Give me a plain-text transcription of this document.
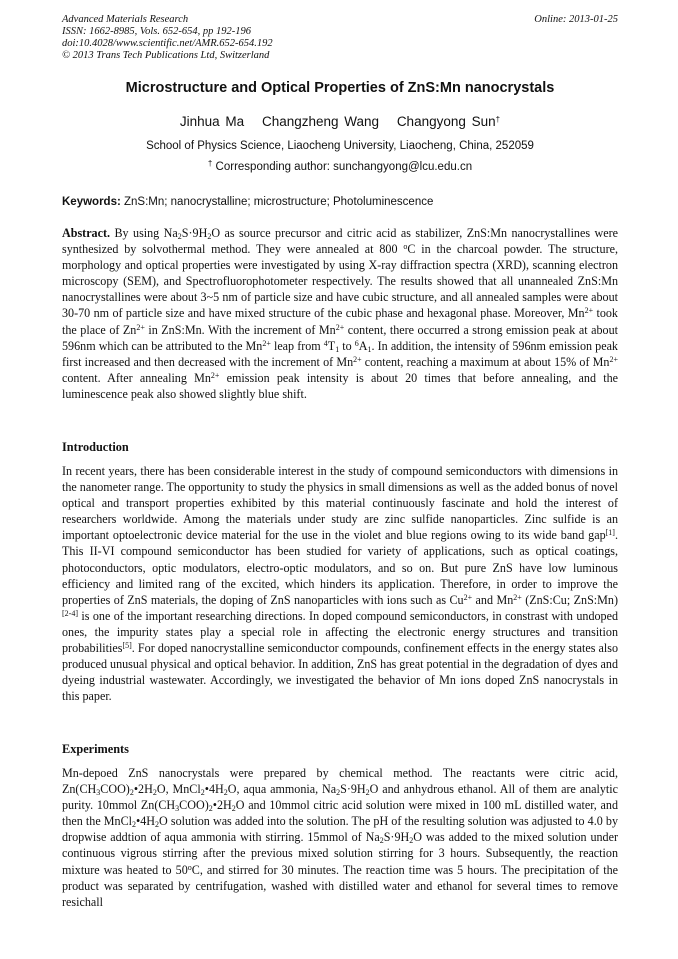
Advanced Materials Research
ISSN: 1662-8985, Vols. 652-654, pp 192-196
doi:10.4028/www.scientific.net/AMR.652-654.192
© 2013 Trans Tech Publications Ltd, Switzerland
Online: 2013-01-25
Microstructure and Optical Properties of ZnS:Mn nanocrystals
Jinhua Ma Changzheng Wang Changyong Sun†
School of Physics Science, Liaocheng University, Liaocheng, China, 252059
† Corresponding author: sunchangyong@lcu.edu.cn
Keywords: ZnS:Mn; nanocrystalline; microstructure; Photoluminescence
Abstract. By using $Na_2S\cdot 9H_2O$ as source precursor and citric acid as stabilizer, ZnS:Mn nanocrystallines were synthesized by solvothermal method. They were annealed at 800 $^o$C in the charcoal powder. The structure, morphology and optical properties were investigated by using X-ray diffraction spectra (XRD), scanning electron microscopy (SEM), and Spectrofluorophotometer respectively. The results showed that all unannealed ZnS:Mn nanocrystallines were about 3~5 nm of particle size and have cubic structure, and all annealed samples were about 30-70 nm of particle size and have mixed structure of the cubic phase and hexagonal phase. Moreover, $Mn^{2+}$ took the place of $Zn^{2+}$ in ZnS:Mn. With the increment of $Mn^{2+}$ content, there occurred a strong emission peak at about 596nm which can be attributed to the $Mn^{2+}$ leap from $^4T_1$ to $^6A_1$. In addition, the intensity of 596nm emission peak first increased and then decreased with the increment of $Mn^{2+}$ content, reaching a maximum at about 15% of $Mn^{2+}$ content. After annealing $Mn^{2+}$ emission peak intensity is about 20 times that before annealing, and the luminescence peak also showed slightly blue shift.
Introduction
In recent years, there has been considerable interest in the study of compound semiconductors with dimensions in the nanometer range. The opportunity to study the physics in small dimensions as well as the added bonus of novel optical and transport properties exhibited by this material continuously fascinate and hold the interest of researchers worldwide. Among the materials under study are zinc sulfide nanoparticles. Zinc sulfide is an important optoelectronic device material for the use in the violet and blue regions owing to its wide band gap[1]. This II-VI compound semiconductor has been studied for variety of applications, such as optical coatings, photoconductors, optic modulators, electro-optic modulators, and so on. But pure ZnS have low luminous efficiency and limited rang of the excited, which hinders its application. Therefore, in order to improve the properties of ZnS materials, the doping of ZnS nanoparticles with ions such as $Cu^{2+}$ and $Mn^{2+}$ (ZnS:Cu; ZnS:Mn)[2-4] is one of the important researching directions. In doped compound semiconductors, in constrast with undoped ones, the impurity states play a special role in affecting the electronic energy structures and transition probabilities[5]. For doped nanocrystalline semiconductor compounds, confinement effects in the energy states also produced unusual physical and optical behavior. In addition, ZnS has great potential in the degradation of dyes and dyeing industrial wastewater. Accordingly, we investigated the behavior of Mn ions doped ZnS nanocrystals in this paper.
Experiments
Mn-depoed ZnS nanocrystals were prepared by chemical method. The reactants were citric acid, $Zn(CH_3COO)_2•2H_2O$, $MnCl_2•4H_2O$, aqua ammonia, $Na_2S\cdot 9H_2O$ and anhydrous ethanol. All of them are analytic purity. 10mmol $Zn(CH_3COO)_2•2H_2O$ and 10mmol citric acid solution were mixed in 100 mL distilled water, and then the $MnCl_2•4H_2O$ solution was added into the solution. The pH of the resulting solution was adjusted to 4.0 by dropwise addtion of aqua ammonia with stirring. 15mmol of $Na_2S\cdot 9H_2O$ was added to the mixed solution under continuous vigrous stirring after the previous mixed solution stirring for 3 hours. Subsequently, the reaction mixture was heated to 50$^o$C, and stirred for 30 minutes. The reaction time was 5 hours. The precipitation of the product was separated by centrifugation, washed with distilled water and ethanol for several times to remove resichall
